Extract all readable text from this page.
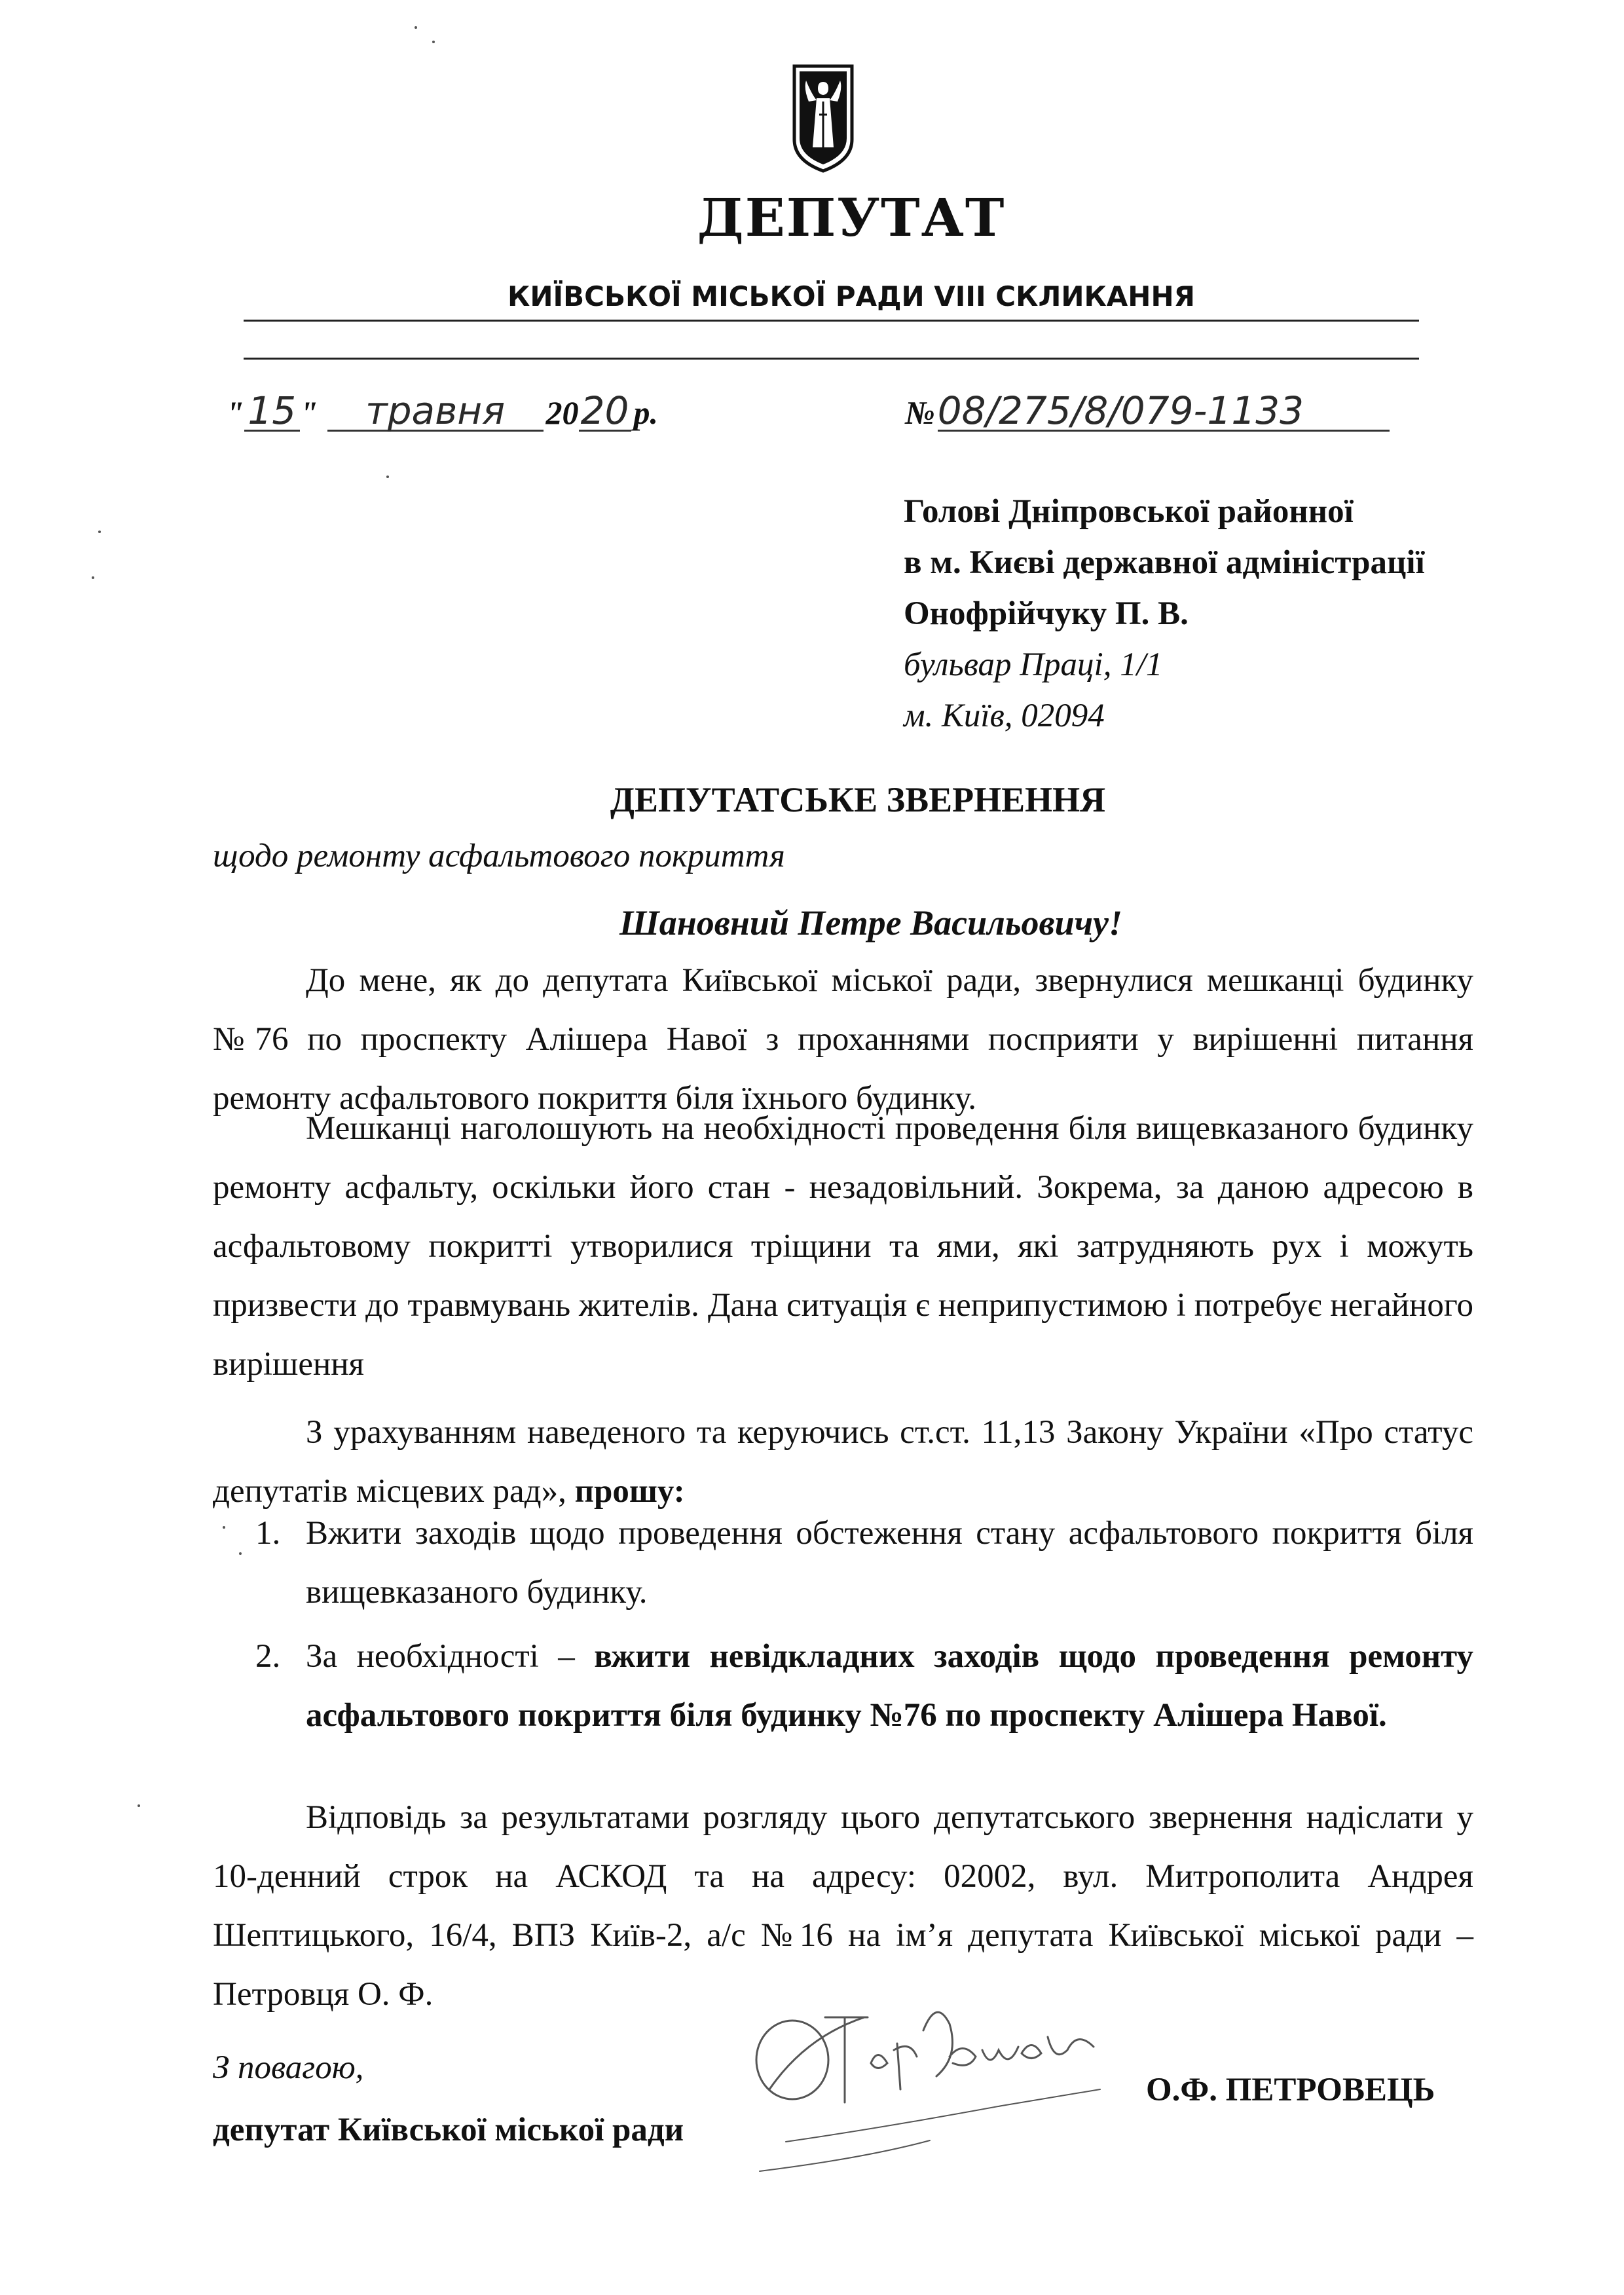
ДЕПУТАТ
КИЇВСЬКОЇ МІСЬКОЇ РАДИ VIII СКЛИКАННЯ
"15 " травня 2020 р.	№ 08/275/8/079-1133
Голові Дніпровської районної
в м. Києві державної адміністрації
Онофрійчуку П. В.
бульвар Праці, 1/1
м. Київ, 02094
ДЕПУТАТСЬКЕ ЗВЕРНЕННЯ
щодо ремонту асфальтового покриття
Шановний Петре Васильовичу!
До мене, як до депутата Київської міської ради, звернулися мешканці будинку №76 по проспекту Алішера Навої з проханнями посприяти у вирішенні питання ремонту асфальтового покриття біля їхнього будинку.
Мешканці наголошують на необхідності проведення біля вищевказаного будинку ремонту асфальту, оскільки його стан - незадовільний. Зокрема, за даною адресою в асфальтовому покритті утворилися тріщини та ями, які затрудняють рух і можуть призвести до травмувань жителів. Дана ситуація є неприпустимою і потребує негайного вирішення
З урахуванням наведеного та керуючись ст.ст. 11,13 Закону України «Про статус депутатів місцевих рад», прошу:
1. Вжити заходів щодо проведення обстеження стану асфальтового покриття біля вищевказаного будинку.
2. За необхідності – вжити невідкладних заходів щодо проведення ремонту асфальтового покриття біля будинку №76 по проспекту Алішера Навої.
Відповідь за результатами розгляду цього депутатського звернення надіслати у 10-денний строк на АСКОД та на адресу: 02002, вул. Митрополита Андрея Шептицького, 16/4, ВПЗ Київ-2, а/с №16 на ім’я депутата Київської міської ради – Петровця О. Ф.
З повагою,
депутат Київської міської ради
О.Ф. ПЕТРОВЕЦЬ
